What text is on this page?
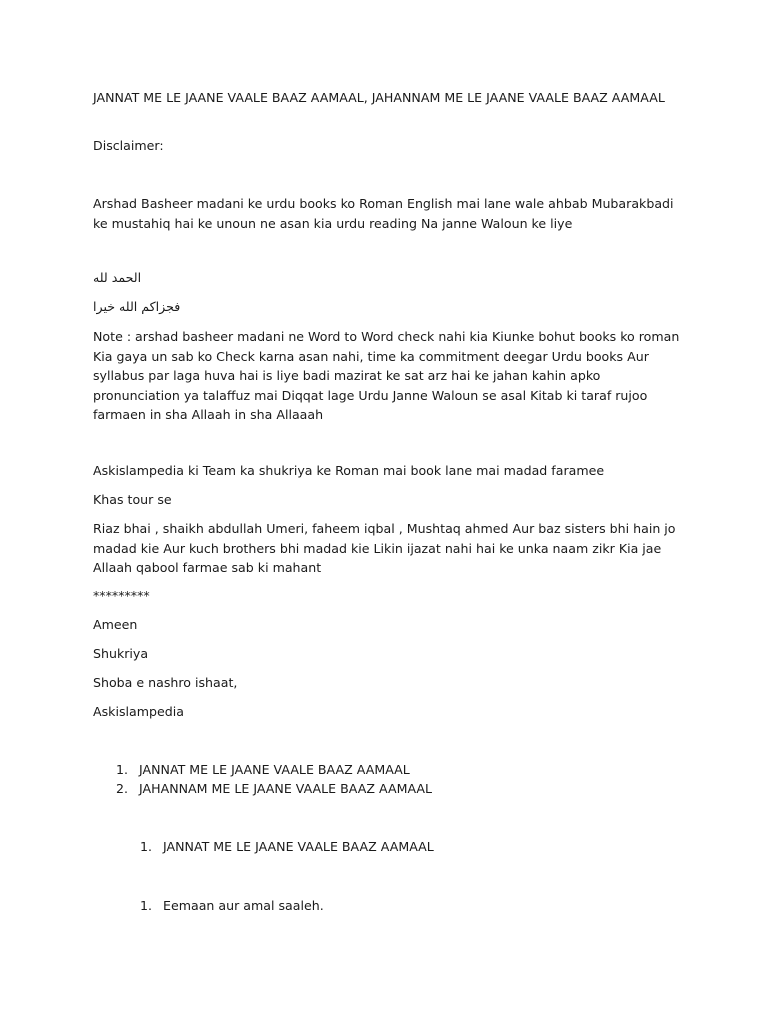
JANNAT ME LE JAANE VAALE BAAZ AAMAAL, JAHANNAM ME LE JAANE VAALE BAAZ AAMAAL

Disclaimer:

Arshad Basheer madani ke urdu books ko Roman English mai lane wale ahbab Mubarakbadi ke mustahiq hai ke unoun ne asan kia urdu reading Na janne Waloun ke liye

الحمد لله

فجزاكم الله خيرا

Note : arshad basheer madani ne Word to Word check nahi kia Kiunke bohut books ko roman Kia gaya un sab ko Check karna asan nahi, time ka commitment deegar Urdu books Aur syllabus par laga huva hai is liye badi mazirat ke sat arz hai ke jahan kahin apko pronunciation ya talaffuz mai Diqqat lage Urdu Janne Waloun se asal Kitab ki taraf rujoo farmaen in sha Allaah in sha Allaaah

Askislampedia ki Team ka shukriya ke Roman mai book lane mai madad faramee

Khas tour se

Riaz bhai , shaikh abdullah Umeri, faheem iqbal , Mushtaq ahmed Aur baz sisters bhi hain jo madad kie Aur kuch brothers bhi madad kie Likin ijazat nahi hai ke unka naam zikr Kia jae Allaah qabool farmae sab ki mahant

*********

Ameen

Shukriya

Shoba e nashro ishaat,

Askislampedia

1. JANNAT ME LE JAANE VAALE BAAZ AAMAAL
2. JAHANNAM ME LE JAANE VAALE BAAZ AAMAAL
1. JANNAT ME LE JAANE VAALE BAAZ AAMAAL
1. Eemaan aur amal saaleh.
